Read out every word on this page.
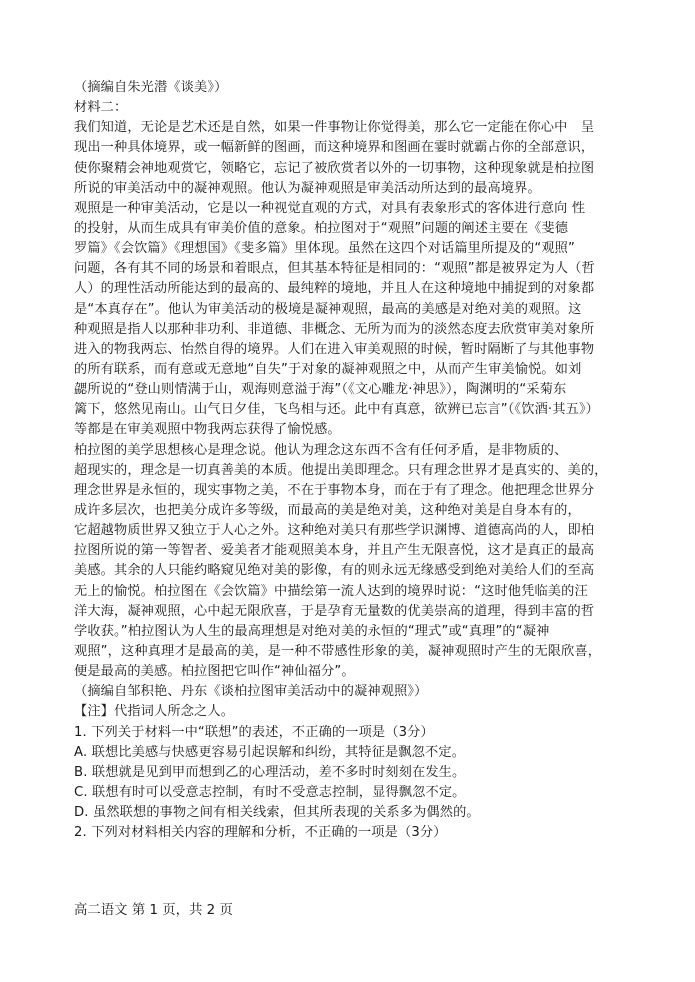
（摘编自朱光潜《谈美》）
材料二：
我们知道，无论是艺术还是自然，如果一件事物让你觉得美，那么它一定能在你心中　呈
现出一种具体境界，或一幅新鲜的图画，而这种境界和图画在霎时就霸占你的全部意识，
使你聚精会神地观赏它，领略它，忘记了被欣赏者以外的一切事物，这种现象就是柏拉图
所说的审美活动中的凝神观照。他认为凝神观照是审美活动所达到的最高境界。
观照是一种审美活动，它是以一种视觉直观的方式，对具有表象形式的客体进行意向 性
的投射，从而生成具有审美价值的意象。柏拉图对于“观照”问题的阐述主要在《斐德
罗篇》《会饮篇》《理想国》《斐多篇》里体现。虽然在这四个对话篇里所提及的“观照”
问题，各有其不同的场景和着眼点，但其基本特征是相同的：“观照”都是被界定为人（哲
人）的理性活动所能达到的最高的、最纯粹的境地，并且人在这种境地中捕捉到的对象都
是“本真存在”。他认为审美活动的极境是凝神观照，最高的美感是对绝对美的观照。这
种观照是指人以那种非功利、非道德、非概念、无所为而为的淡然态度去欣赏审美对象所
进入的物我两忘、怡然自得的境界。人们在进入审美观照的时候，暂时隔断了与其他事物
的所有联系，而有意或无意地“自失”于对象的凝神观照之中，从而产生审美愉悦。如刘
勰所说的“登山则情满于山，观海则意溢于海”（《文心雕龙·神思》），陶渊明的“采菊东
篱下，悠然见南山。山气日夕佳，飞鸟相与还。此中有真意，欲辨已忘言”（《饮酒·其五》）
等都是在审美观照中物我两忘获得了愉悦感。
柏拉图的美学思想核心是理念说。他认为理念这东西不含有任何矛盾，是非物质的、
超现实的，理念是一切真善美的本质。他提出美即理念。只有理念世界才是真实的、美的，
理念世界是永恒的，现实事物之美，不在于事物本身，而在于有了理念。他把理念世界分
成许多层次，也把美分成许多等级，而最高的美是绝对美，这种绝对美是自身本有的，
它超越物质世界又独立于人心之外。这种绝对美只有那些学识渊博、道德高尚的人，即柏
拉图所说的第一等智者、爱美者才能观照美本身，并且产生无限喜悦，这才是真正的最高
美感。其余的人只能约略窥见绝对美的影像，有的则永远无缘感受到绝对美给人们的至高
无上的愉悦。柏拉图在《会饮篇》中描绘第一流人达到的境界时说：“这时他凭临美的汪
洋大海，凝神观照，心中起无限欣喜，于是孕育无量数的优美崇高的道理，得到丰富的哲
学收获。”柏拉图认为人生的最高理想是对绝对美的永恒的“理式”或“真理”的“凝神
观照”，这种真理才是最高的美，是一种不带感性形象的美，凝神观照时产生的无限欣喜，
便是最高的美感。柏拉图把它叫作“神仙福分”。
（摘编自邹积艳、丹东《谈柏拉图审美活动中的凝神观照》）
【注】代指词人所念之人。
1. 下列关于材料一中“联想”的表述，不正确的一项是（3分）
A. 联想比美感与快感更容易引起误解和纠纷，其特征是飘忽不定。
B. 联想就是见到甲而想到乙的心理活动，差不多时时刻刻在发生。
C. 联想有时可以受意志控制，有时不受意志控制，显得飘忽不定。
D. 虽然联想的事物之间有相关线索，但其所表现的关系多为偶然的。
2. 下列对材料相关内容的理解和分析，不正确的一项是（3分）
高二语文 第 1 页，共 2 页
